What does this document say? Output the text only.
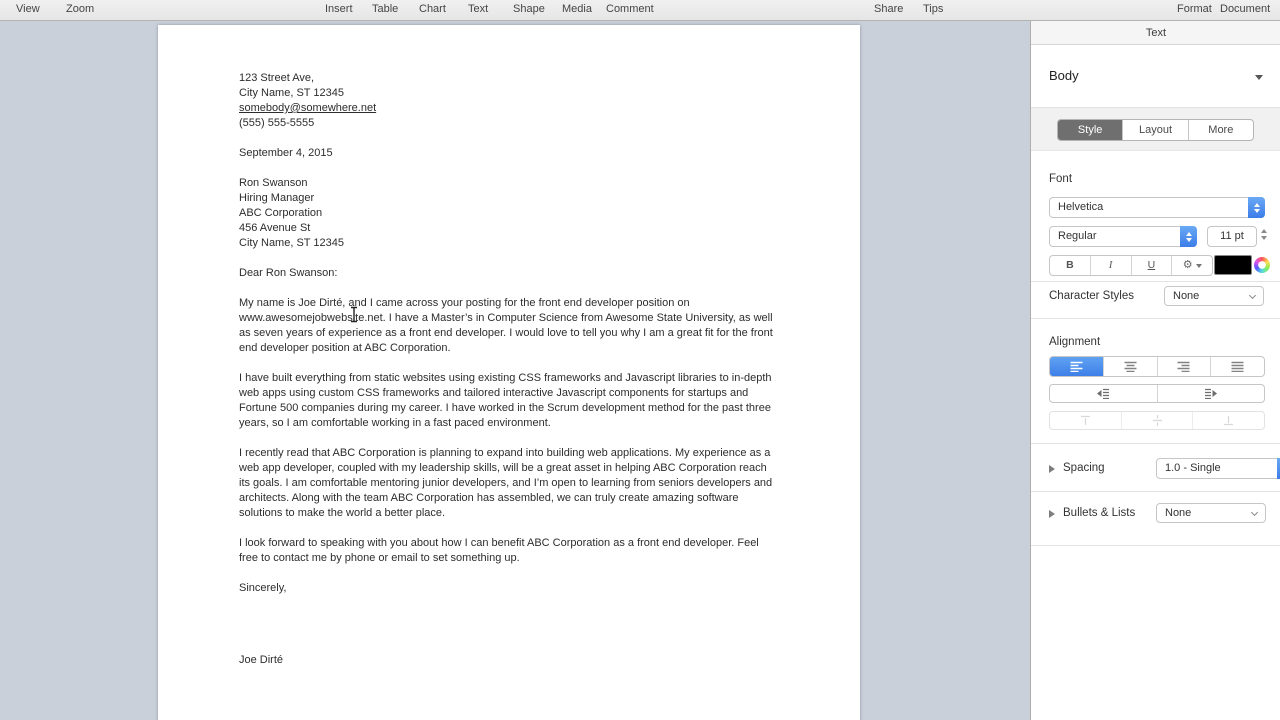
View Zoom	Insert Table Chart Text Shape Media Comment	Share Tips	Format Document
123 Street Ave,
City Name, ST 12345
somebody@somewhere.net
(555) 555-5555
September 4, 2015
Ron Swanson
Hiring Manager
ABC Corporation
456 Avenue St
City Name, ST 12345
Dear Ron Swanson:

My name is Joe Dirté, and I came across your posting for the front end developer position on www.awesomejobwebsite.net. I have a Master’s in Computer Science from Awesome State University, as well as seven years of experience as a front end developer. I would love to tell you why I am a great fit for the front end developer position at ABC Corporation.

I have built everything from static websites using existing CSS frameworks and Javascript libraries to in-depth web apps using custom CSS frameworks and tailored interactive Javascript components for startups and Fortune 500 companies during my career. I have worked in the Scrum development method for the past three years, so I am comfortable working in a fast paced environment.

I recently read that ABC Corporation is planning to expand into building web applications. My experience as a web app developer, coupled with my leadership skills, will be a great asset in helping ABC Corporation reach its goals. I am comfortable mentoring junior developers, and I’m open to learning from seniors developers and architects. Along with the team ABC Corporation has assembled, we can truly create amazing software solutions to make the world a better place.

I look forward to speaking with you about how I can benefit ABC Corporation as a front end developer. Feel free to contact me by phone or email to set something up.

Sincerely,
Joe Dirté
Text
Body
Style	Layout	More
Font
Helvetica
Regular	11 pt
B	I	U	⚙
Character Styles	None
Alignment
Spacing	1.0 - Single
Bullets & Lists	None
